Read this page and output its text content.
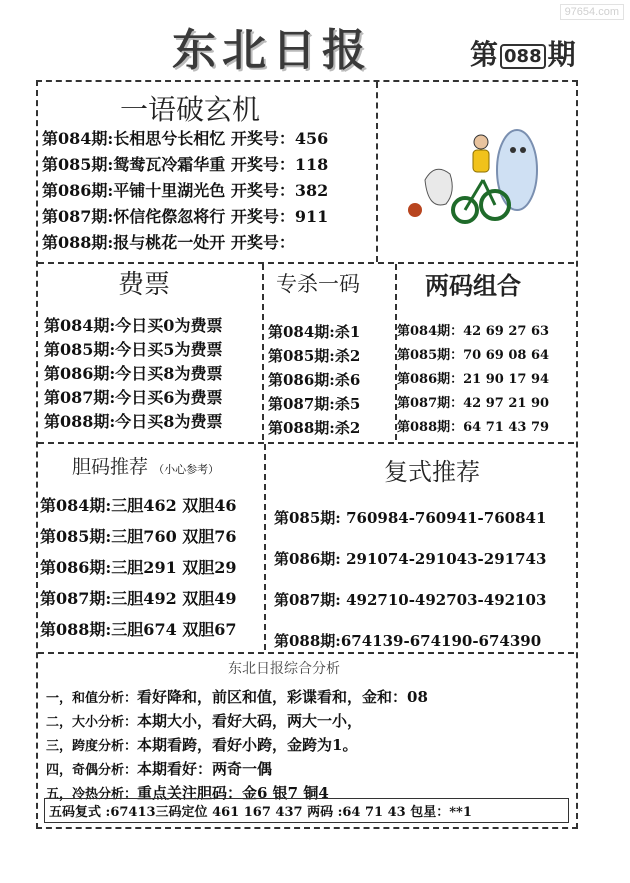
97654.com
东北日报	第 088 期
一语破玄机
第084期:长相思兮长相忆 开奖号：456
第085期:鸳鸯瓦冷霜华重 开奖号：118
第086期:平铺十里湖光色 开奖号：382
第087期:怀信侘傺忽将行 开奖号：911
第088期:报与桃花一处开 开奖号：
费票
第084期:今日买0为费票
第085期:今日买5为费票
第086期:今日买8为费票
第087期:今日买6为费票
第088期:今日买8为费票
专杀一码
第084期:杀1
第085期:杀2
第086期:杀6
第087期:杀5
第088期:杀2
两码组合
第084期：42 69 27 63
第085期：70 69 08 64
第086期：21 90 17 94
第087期：42 97 21 90
第088期：64 71 43 79
胆码推荐 （小心参考）
第084期:三胆462 双胆46
第085期:三胆760 双胆76
第086期:三胆291 双胆29
第087期:三胆492 双胆49
第088期:三胆674 双胆67
复式推荐
第085期: 760984-760941-760841
第086期: 291074-291043-291743
第087期: 492710-492703-492103
第088期:674139-674190-674390
东北日报综合分析
一，和值分析：看好降和，前区和值，彩谍看和，金和：08
二，大小分析：本期大小，看好大码，两大一小，
三，跨度分析：本期看跨，看好小跨，金跨为1。
四，奇偶分析：本期看好：两奇一偶
五，冷热分析：重点关注胆码：金6 银7 铜4
五码复式 :67413三码定位 461 167 437 两码 :64 71 43 包星：**1
